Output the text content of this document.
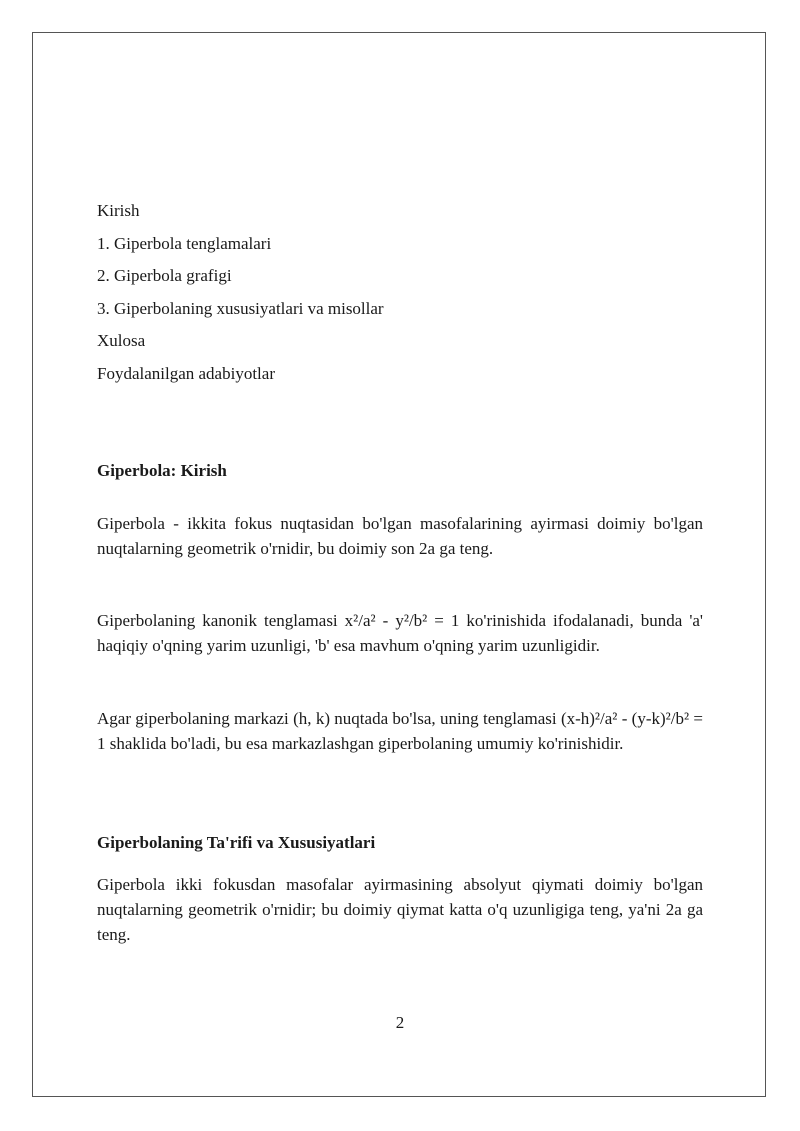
Kirish
1. Giperbola tenglamalari
2. Giperbola grafigi
3. Giperbolaning xususiyatlari va misollar
Xulosa
Foydalanilgan adabiyotlar
Giperbola: Kirish
Giperbola - ikkita fokus nuqtasidan bo'lgan masofalarining ayirmasi doimiy bo'lgan nuqtalarning geometrik o'rnidir, bu doimiy son 2a ga teng.
Giperbolaning kanonik tenglamasi x²/a² - y²/b² = 1 ko'rinishida ifodalanadi, bunda 'a' haqiqiy o'qning yarim uzunligi, 'b' esa mavhum o'qning yarim uzunligidir.
Agar giperbolaning markazi (h, k) nuqtada bo'lsa, uning tenglamasi (x-h)²/a² - (y-k)²/b² = 1 shaklida bo'ladi, bu esa markazlashgan giperbolaning umumiy ko'rinishidir.
Giperbolaning Ta'rifi va Xususiyatlari
Giperbola ikki fokusdan masofalar ayirmasining absolyut qiymati doimiy bo'lgan nuqtalarning geometrik o'rnidir; bu doimiy qiymat katta o'q uzunligiga teng, ya'ni 2a ga teng.
2
